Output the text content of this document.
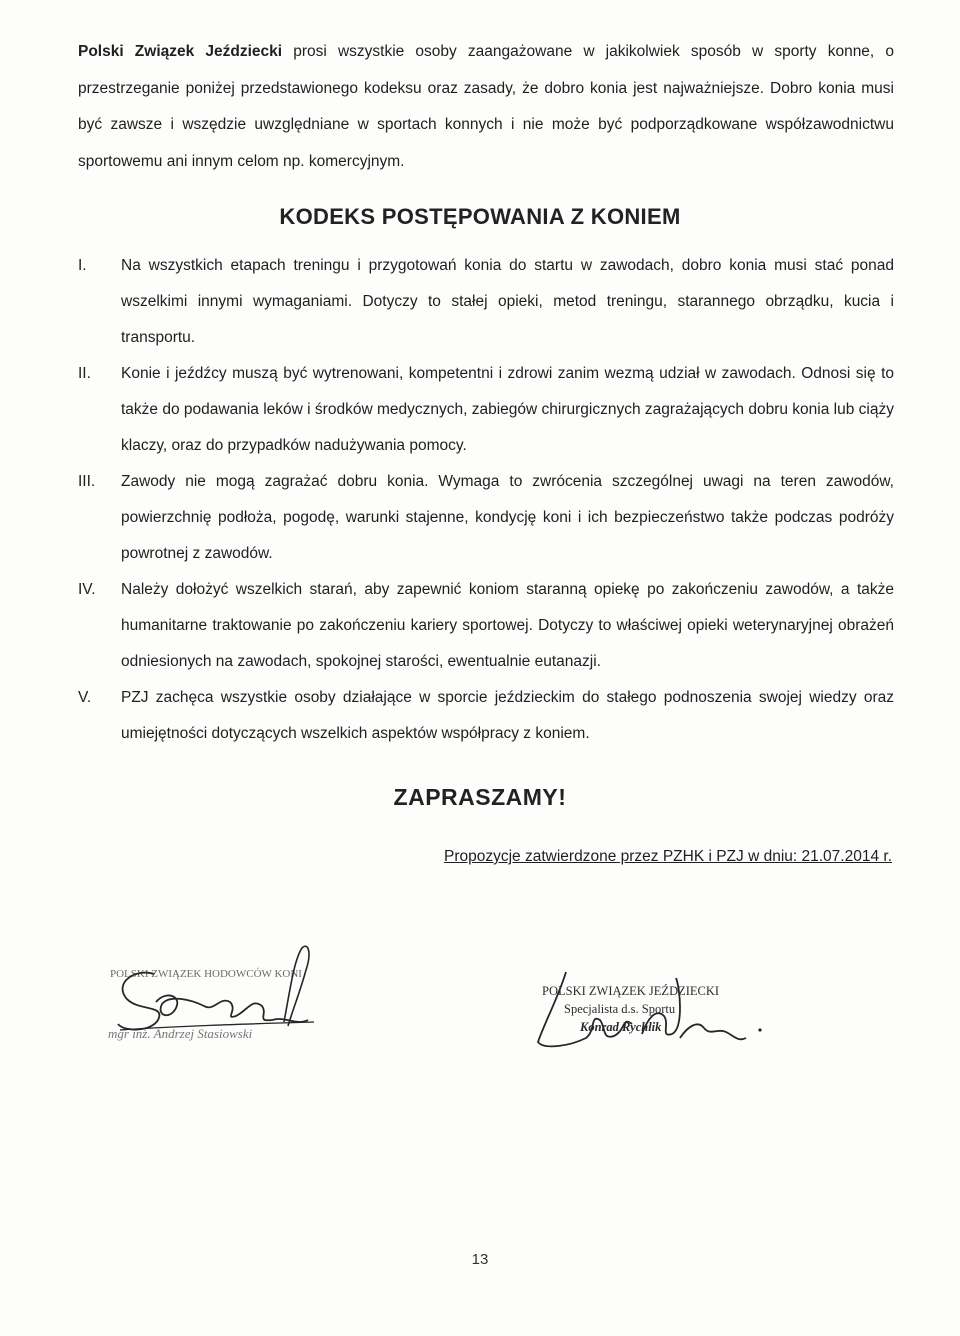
Polski Związek Jeździecki prosi wszystkie osoby zaangażowane w jakikolwiek sposób w sporty konne, o przestrzeganie poniżej przedstawionego kodeksu oraz zasady, że dobro konia jest najważniejsze. Dobro konia musi być zawsze i wszędzie uwzględniane w sportach konnych i nie może być podporządkowane współzawodnictwu sportowemu ani innym celom np. komercyjnym.

KODEKS POSTĘPOWANIA Z KONIEM
I.	Na wszystkich etapach treningu i przygotowań konia do startu w zawodach, dobro konia musi stać ponad wszelkimi innymi wymaganiami. Dotyczy to stałej opieki, metod treningu, starannego obrządku, kucia i transportu.
II.	Konie i jeźdźcy muszą być wytrenowani, kompetentni i zdrowi zanim wezmą udział w zawodach. Odnosi się to także do podawania leków i środków medycznych, zabiegów chirurgicznych zagrażających dobru konia lub ciąży klaczy, oraz do przypadków nadużywania pomocy.
III.	Zawody nie mogą zagrażać dobru konia. Wymaga to zwrócenia szczególnej uwagi na teren zawodów, powierzchnię podłoża, pogodę, warunki stajenne, kondycję koni i ich bezpieczeństwo także podczas podróży powrotnej z zawodów.
IV.	Należy dołożyć wszelkich starań, aby zapewnić koniom staranną opiekę po zakończeniu zawodów, a także humanitarne traktowanie po zakończeniu kariery sportowej. Dotyczy to właściwej opieki weterynaryjnej obrażeń odniesionych na zawodach, spokojnej starości, ewentualnie eutanazji.
V.	PZJ zachęca wszystkie osoby działające w sporcie jeździeckim do stałego podnoszenia swojej wiedzy oraz umiejętności dotyczących wszelkich aspektów współpracy z koniem.
ZAPRASZAMY!
Propozycje zatwierdzone przez PZHK i PZJ w dniu: 21.07.2014 r.
POLSKI ZWIĄZEK HODOWCÓW KONI
mgr inż. Andrzej Stasiowski
POLSKI ZWIĄZEK JEŹDZIECKI
Specjalista d.s. Sportu
Konrad Rychlik
13
